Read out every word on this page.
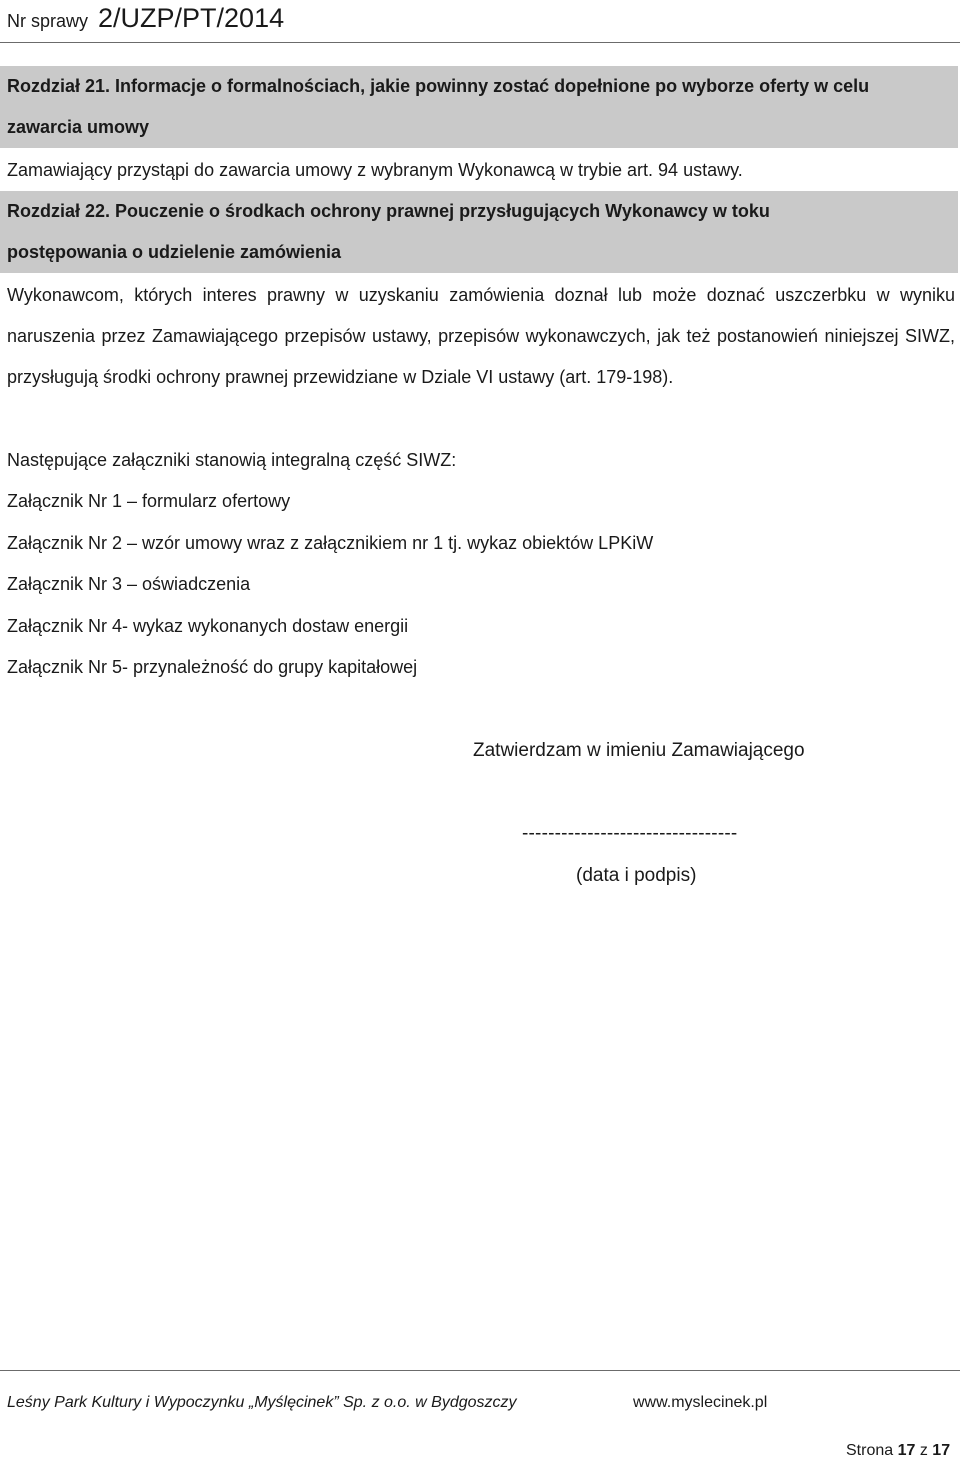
Nr sprawy 2/UZP/PT/2014
Rozdział 21. Informacje o formalnościach, jakie powinny zostać dopełnione po wyborze oferty w celu
zawarcia umowy
Zamawiający przystąpi do zawarcia umowy z wybranym Wykonawcą w trybie art. 94 ustawy.
Rozdział 22. Pouczenie o środkach ochrony prawnej przysługujących Wykonawcy w toku
postępowania o udzielenie zamówienia
Wykonawcom, których interes prawny w uzyskaniu zamówienia doznał lub może doznać uszczerbku w wyniku naruszenia przez Zamawiającego przepisów ustawy, przepisów wykonawczych, jak też postanowień niniejszej SIWZ, przysługują środki ochrony prawnej przewidziane w Dziale VI ustawy (art. 179-198).
Następujące załączniki stanowią integralną część SIWZ:
Załącznik Nr 1 – formularz ofertowy
Załącznik Nr 2 – wzór umowy wraz z załącznikiem nr 1 tj. wykaz obiektów LPKiW
Załącznik Nr 3 – oświadczenia
Załącznik Nr 4- wykaz wykonanych dostaw energii
Załącznik Nr 5- przynależność do grupy kapitałowej
Zatwierdzam w imieniu Zamawiającego
---------------------------------
(data i podpis)
Leśny Park Kultury i Wypoczynku „Myślęcinek” Sp. z o.o. w Bydgoszczy	www.myslecinek.pl
Strona 17 z 17
